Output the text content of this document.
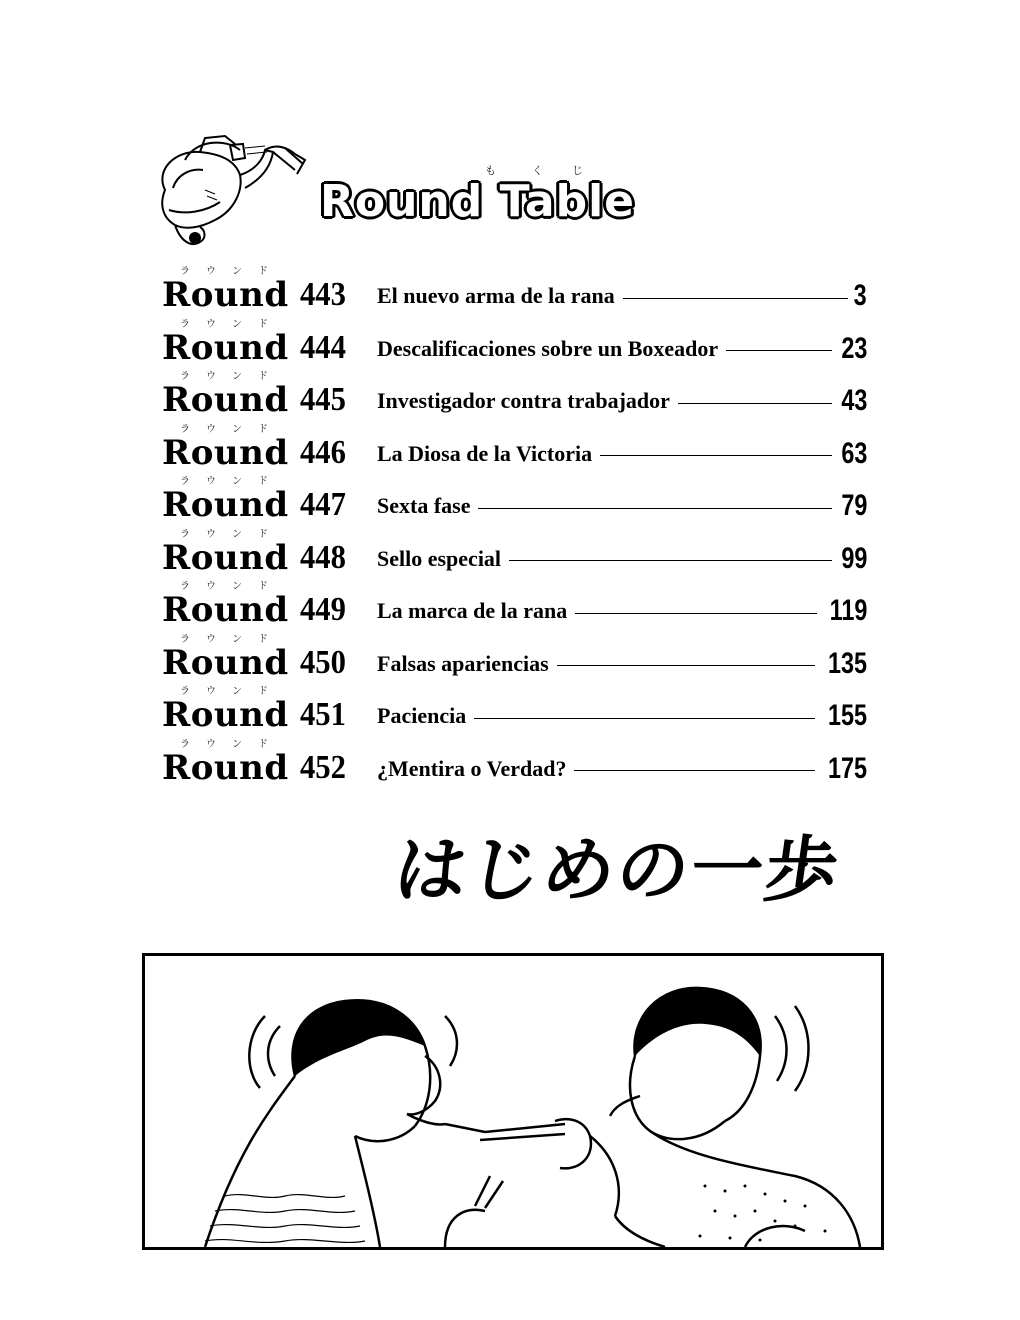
も	く	じ
Round Table
ラウンド
Round 443 El nuevo arma de la rana	3
ラウンド
Round 444 Descalificaciones sobre un Boxeador	23
ラウンド
Round 445 Investigador contra trabajador	43
ラウンド
Round 446 La Diosa de la Victoria	63
ラウンド
Round 447 Sexta fase	79
ラウンド
Round 448 Sello especial	99
ラウンド
Round 449 La marca de la rana	119
ラウンド
Round 450 Falsas apariencias	135
ラウンド
Round 451 Paciencia	155
ラウンド
Round 452 ¿Mentira o Verdad?	175
はじめの一歩
